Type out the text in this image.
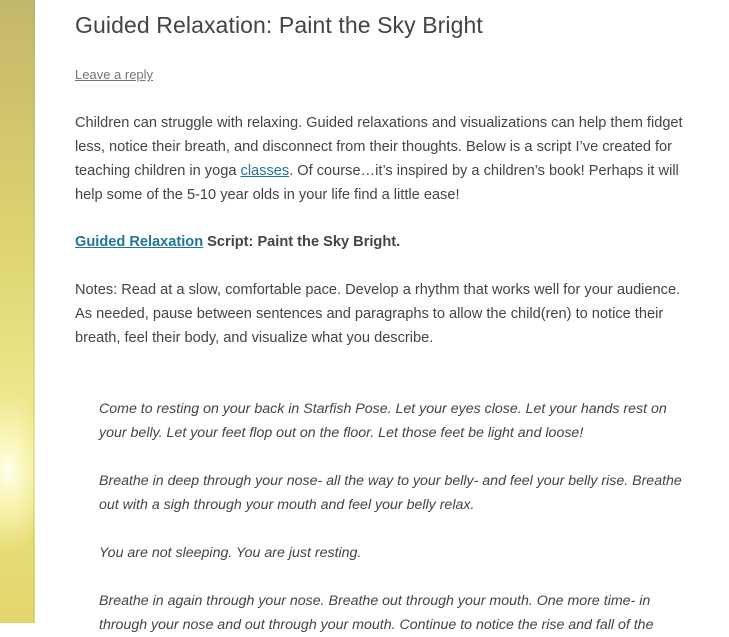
Guided Relaxation: Paint the Sky Bright
Leave a reply

Children can struggle with relaxing. Guided relaxations and visualizations can help them fidget less, notice their breath, and disconnect from their thoughts. Below is a script I’ve created for teaching children in yoga classes. Of course…it’s inspired by a children’s book! Perhaps it will help some of the 5-10 year olds in your life find a little ease!

Guided Relaxation Script: Paint the Sky Bright.

Notes: Read at a slow, comfortable pace. Develop a rhythm that works well for your audience. As needed, pause between sentences and paragraphs to allow the child(ren) to notice their breath, feel their body, and visualize what you describe.

Come to resting on your back in Starfish Pose. Let your eyes close. Let your hands rest on your belly. Let your feet flop out on the floor. Let those feet be light and loose!

Breathe in deep through your nose- all the way to your belly- and feel your belly rise. Breathe out with a sigh through your mouth and feel your belly relax.

You are not sleeping. You are just resting.

Breathe in again through your nose. Breathe out through your mouth. One more time- in through your nose and out through your mouth. Continue to notice the rise and fall of the
